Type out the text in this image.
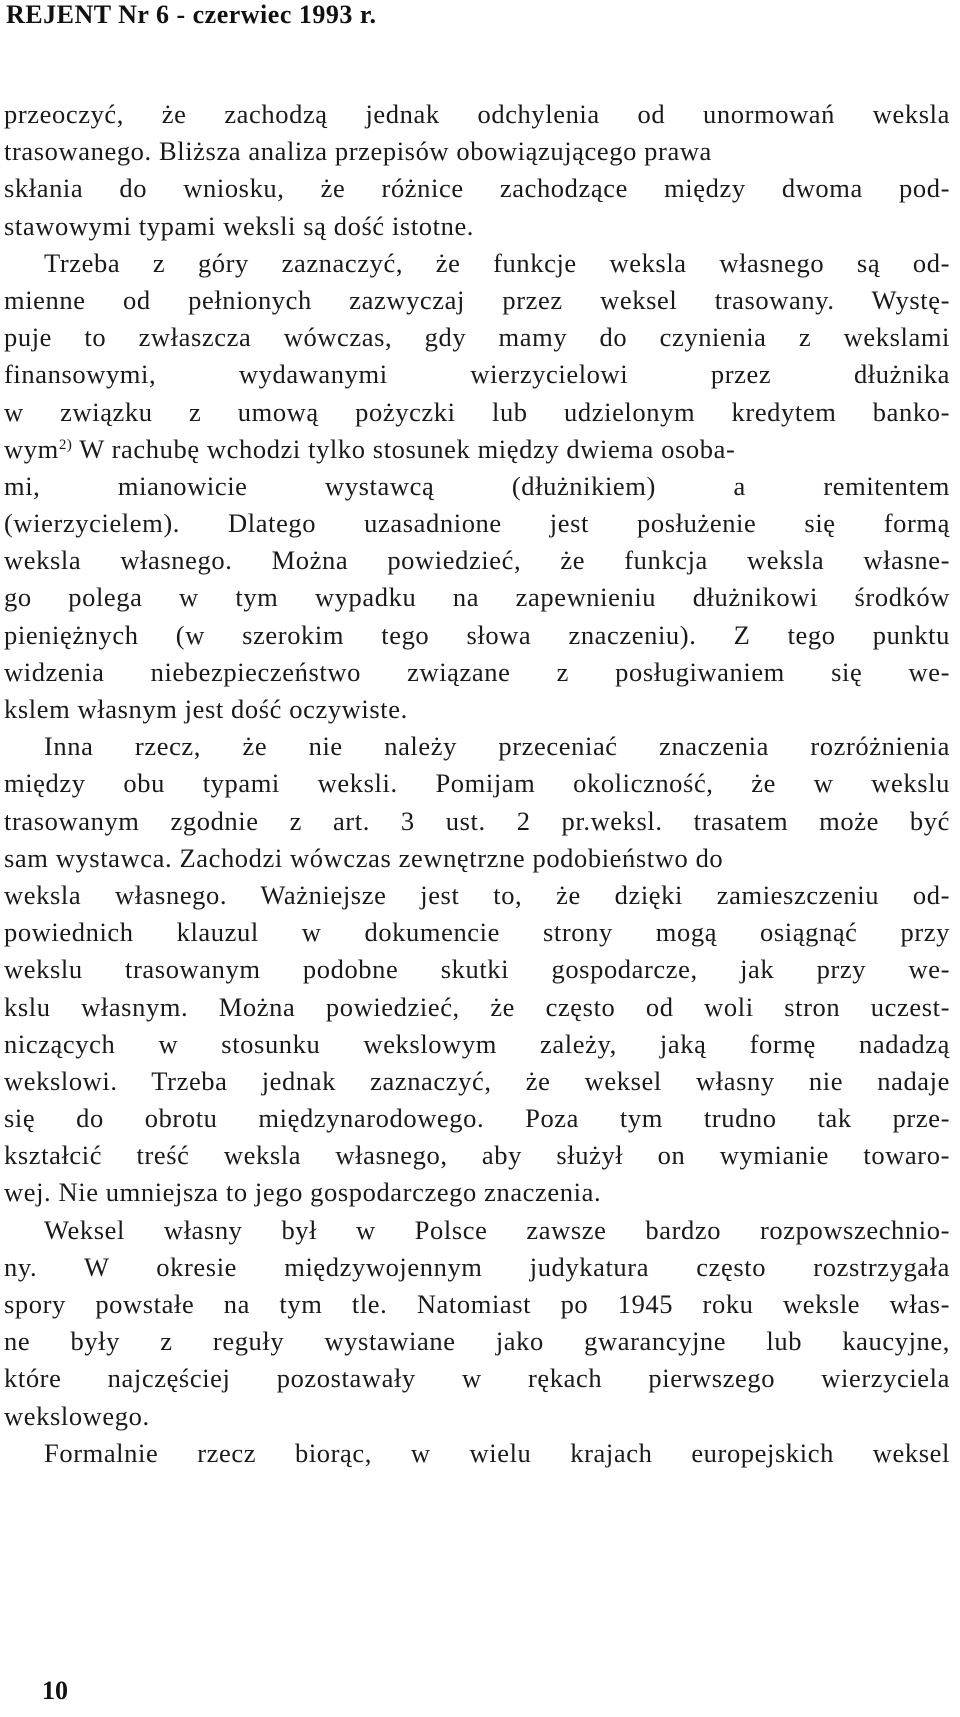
REJENT Nr 6 - czerwiec 1993 r.
przeoczyć, że zachodzą jednak odchylenia od unormowań weksla
trasowanego. Bliższa analiza przepisów obowiązującego prawa
skłania do wniosku, że różnice zachodzące między dwoma pod-
stawowymi typami weksli są dość istotne.
Trzeba z góry zaznaczyć, że funkcje weksla własnego są od-
mienne od pełnionych zazwyczaj przez weksel trasowany. Wystę-
puje to zwłaszcza wówczas, gdy mamy do czynienia z wekslami
finansowymi, wydawanymi wierzycielowi przez dłużnika
w związku z umową pożyczki lub udzielonym kredytem banko-
wym$^{2)}$ W rachubę wchodzi tylko stosunek między dwiema osoba-
mi, mianowicie wystawcą (dłużnikiem) a remitentem
(wierzycielem). Dlatego uzasadnione jest posłużenie się formą
weksla własnego. Można powiedzieć, że funkcja weksla własne-
go polega w tym wypadku na zapewnieniu dłużnikowi środków
pieniężnych (w szerokim tego słowa znaczeniu). Z tego punktu
widzenia niebezpieczeństwo związane z posługiwaniem się we-
kslem własnym jest dość oczywiste.
Inna rzecz, że nie należy przeceniać znaczenia rozróżnienia
między obu typami weksli. Pomijam okoliczność, że w wekslu
trasowanym zgodnie z art. 3 ust. 2 pr.weksl. trasatem może być
sam wystawca. Zachodzi wówczas zewnętrzne podobieństwo do
weksla własnego. Ważniejsze jest to, że dzięki zamieszczeniu od-
powiednich klauzul w dokumencie strony mogą osiągnąć przy
wekslu trasowanym podobne skutki gospodarcze, jak przy we-
kslu własnym. Można powiedzieć, że często od woli stron uczest-
niczących w stosunku wekslowym zależy, jaką formę nadadzą
wekslowi. Trzeba jednak zaznaczyć, że weksel własny nie nadaje
się do obrotu międzynarodowego. Poza tym trudno tak prze-
kształcić treść weksla własnego, aby służył on wymianie towaro-
wej. Nie umniejsza to jego gospodarczego znaczenia.
Weksel własny był w Polsce zawsze bardzo rozpowszechnio-
ny. W okresie międzywojennym judykatura często rozstrzygała
spory powstałe na tym tle. Natomiast po 1945 roku weksle włas-
ne były z reguły wystawiane jako gwarancyjne lub kaucyjne,
które najczęściej pozostawały w rękach pierwszego wierzyciela
wekslowego.
Formalnie rzecz biorąc, w wielu krajach europejskich weksel
10
